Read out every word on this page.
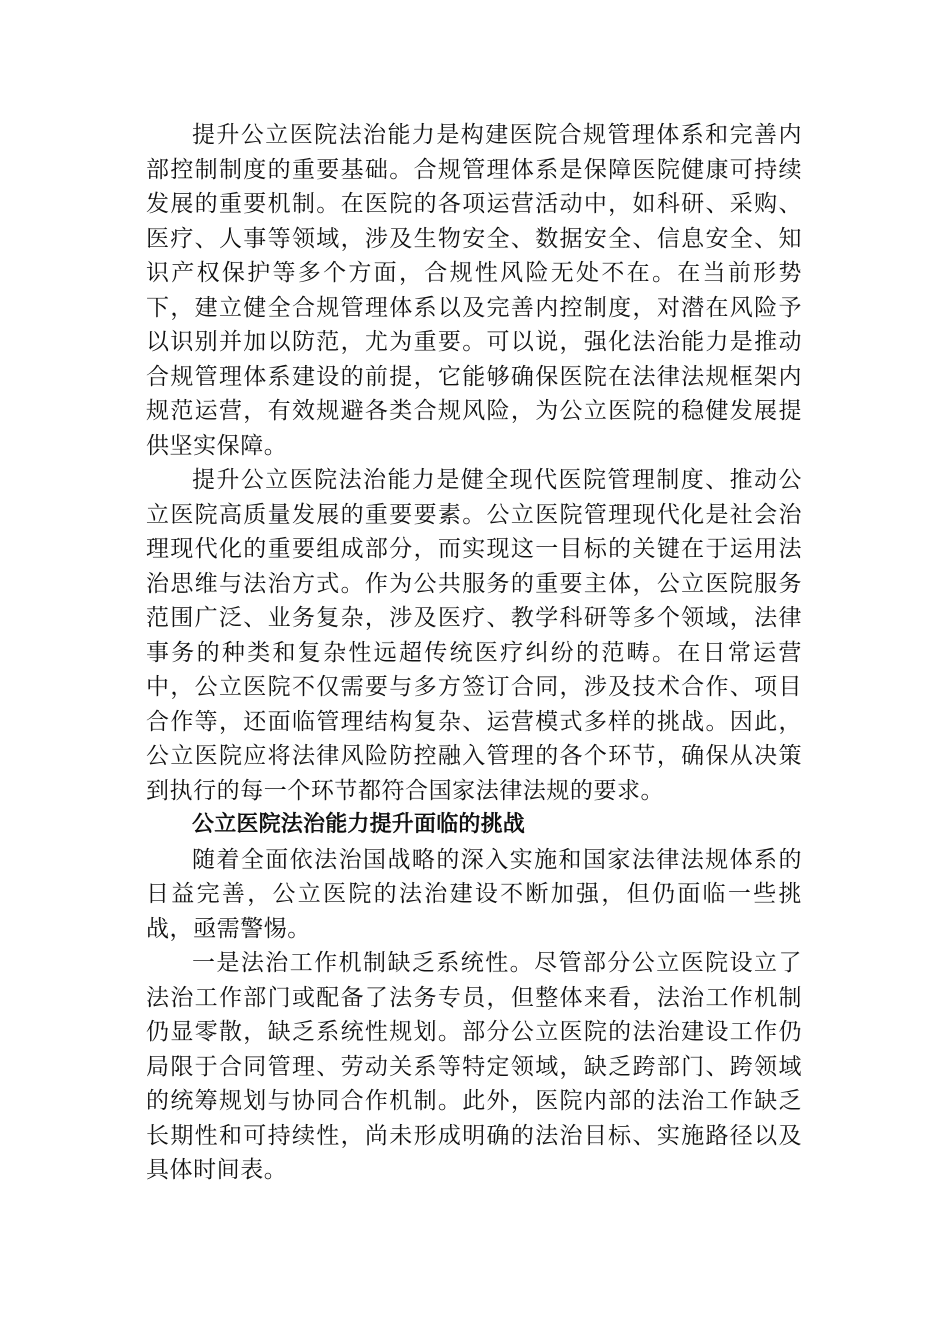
提升公立医院法治能力是构建医院合规管理体系和完善内部控制制度的重要基础。合规管理体系是保障医院健康可持续发展的重要机制。在医院的各项运营活动中，如科研、采购、医疗、人事等领域，涉及生物安全、数据安全、信息安全、知识产权保护等多个方面，合规性风险无处不在。在当前形势下，建立健全合规管理体系以及完善内控制度，对潜在风险予以识别并加以防范，尤为重要。可以说，强化法治能力是推动合规管理体系建设的前提，它能够确保医院在法律法规框架内规范运营，有效规避各类合规风险，为公立医院的稳健发展提供坚实保障。

提升公立医院法治能力是健全现代医院管理制度、推动公立医院高质量发展的重要要素。公立医院管理现代化是社会治理现代化的重要组成部分，而实现这一目标的关键在于运用法治思维与法治方式。作为公共服务的重要主体，公立医院服务范围广泛、业务复杂，涉及医疗、教学科研等多个领域，法律事务的种类和复杂性远超传统医疗纠纷的范畴。在日常运营中，公立医院不仅需要与多方签订合同，涉及技术合作、项目合作等，还面临管理结构复杂、运营模式多样的挑战。因此，公立医院应将法律风险防控融入管理的各个环节，确保从决策到执行的每一个环节都符合国家法律法规的要求。

公立医院法治能力提升面临的挑战

随着全面依法治国战略的深入实施和国家法律法规体系的日益完善，公立医院的法治建设不断加强，但仍面临一些挑战，亟需警惕。

一是法治工作机制缺乏系统性。尽管部分公立医院设立了法治工作部门或配备了法务专员，但整体来看，法治工作机制仍显零散，缺乏系统性规划。部分公立医院的法治建设工作仍局限于合同管理、劳动关系等特定领域，缺乏跨部门、跨领域的统筹规划与协同合作机制。此外，医院内部的法治工作缺乏长期性和可持续性，尚未形成明确的法治目标、实施路径以及具体时间表。
